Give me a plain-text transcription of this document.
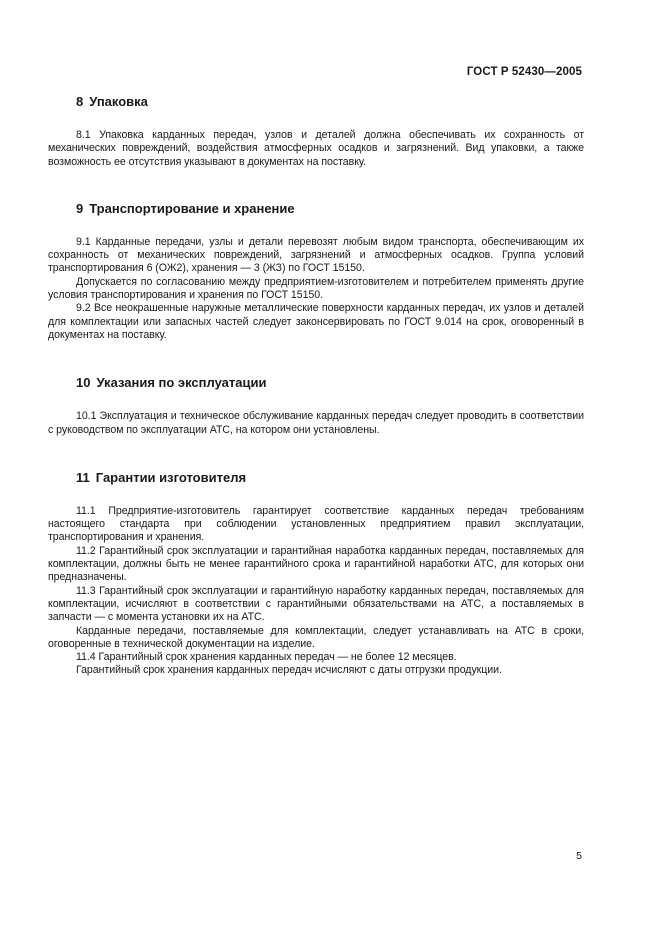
ГОСТ Р 52430—2005
8 Упаковка

8.1 Упаковка карданных передач, узлов и деталей должна обеспечивать их сохранность от механических повреждений, воздействия атмосферных осадков и загрязнений. Вид упаковки, а также возможность ее отсутствия указывают в документах на поставку.

9 Транспортирование и хранение

9.1 Карданные передачи, узлы и детали перевозят любым видом транспорта, обеспечивающим их сохранность от механических повреждений, загрязнений и атмосферных осадков. Группа условий транспортирования 6 (ОЖ2), хранения — 3 (ЖЗ) по ГОСТ 15150.

Допускается по согласованию между предприятием-изготовителем и потребителем применять другие условия транспортирования и хранения по ГОСТ 15150.

9.2 Все неокрашенные наружные металлические поверхности карданных передач, их узлов и деталей для комплектации или запасных частей следует законсервировать по ГОСТ 9.014 на срок, оговоренный в документах на поставку.

10 Указания по эксплуатации

10.1 Эксплуатация и техническое обслуживание карданных передач следует проводить в соответствии с руководством по эксплуатации АТС, на котором они установлены.

11 Гарантии изготовителя

11.1 Предприятие-изготовитель гарантирует соответствие карданных передач требованиям настоящего стандарта при соблюдении установленных предприятием правил эксплуатации, транспортирования и хранения.

11.2 Гарантийный срок эксплуатации и гарантийная наработка карданных передач, поставляемых для комплектации, должны быть не менее гарантийного срока и гарантийной наработки АТС, для которых они предназначены.

11.3 Гарантийный срок эксплуатации и гарантийную наработку карданных передач, поставляемых для комплектации, исчисляют в соответствии с гарантийными обязательствами на АТС, а поставляемых в запчасти — с момента установки их на АТС.

Карданные передачи, поставляемые для комплектации, следует устанавливать на АТС в сроки, оговоренные в технической документации на изделие.

11.4 Гарантийный срок хранения карданных передач — не более 12 месяцев.

Гарантийный срок хранения карданных передач исчисляют с даты отгрузки продукции.

5
